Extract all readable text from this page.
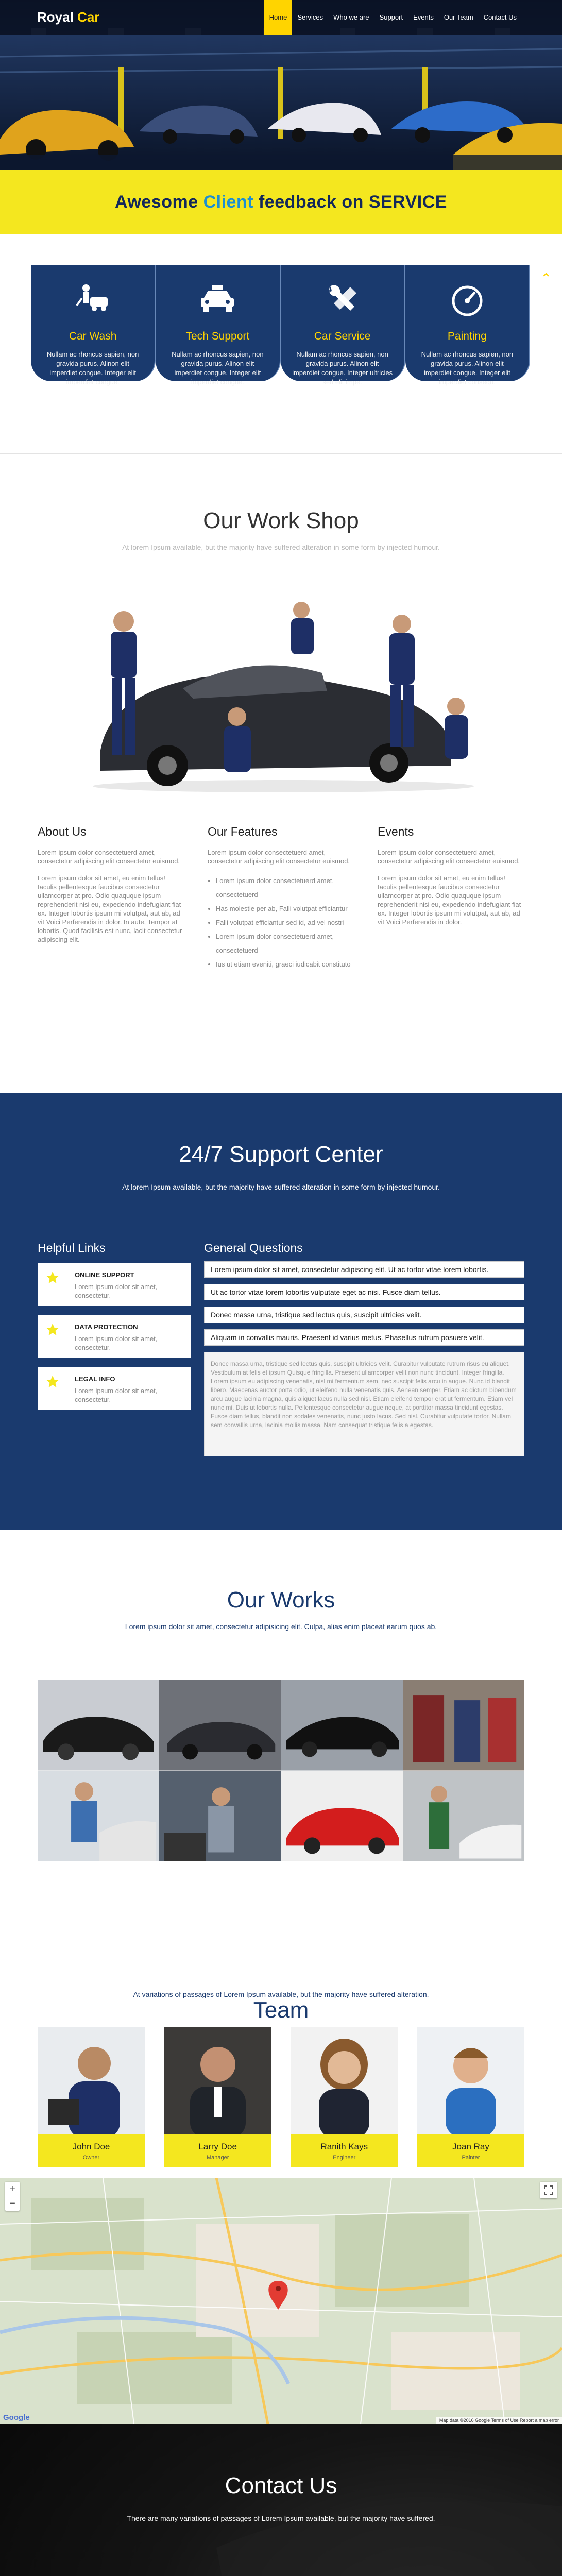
Royal Car	Home	Services	Who we are	Support	Events	Our Team	Contact Us
Awesome Client feedback on SERVICE
Car Wash

Nullam ac rhoncus sapien, non gravida purus. Alinon elit imperdiet congue. Integer elit imperdiet congue.

Tech Support

Nullam ac rhoncus sapien, non gravida purus. Alinon elit imperdiet congue. Integer elit imperdiet congue.

Car Service

Nullam ac rhoncus sapien, non gravida purus. Alinon elit imperdiet congue. Integer ultricies sed elit impe.

Painting

Nullam ac rhoncus sapien, non gravida purus. Alinon elit imperdiet congue. Integer elit imperdiet consequ.

⌃
Our Work Shop

At lorem Ipsum available, but the majority have suffered alteration in some form by injected humour.

About Us

Lorem ipsum dolor consectetuerd amet, consectetur adipiscing elit consectetur euismod.

Lorem ipsum dolor sit amet, eu enim tellus! Iaculis pellentesque faucibus consectetur ullamcorper at pro. Odio quaquque ipsum reprehenderit nisi eu, expedendo indefugiant fiat ex. Integer lobortis ipsum mi volutpat, aut ab, ad vit Voici Perferendis in dolor. In aute, Tempor at lobortis. Quod facilisis est nunc, lacit consectetur adipiscing elit.

Our Features

Lorem ipsum dolor consectetuerd amet, consectetur adipiscing elit consectetur euismod.

• Lorem ipsum dolor consectetuerd amet, consectetuerd
• Has molestie per ab, Falli volutpat efficiantur
• Falli volutpat efficiantur sed id, ad vel nostri
• Lorem ipsum dolor consectetuerd amet, consectetuerd
• Ius ut etiam eveniti, graeci iudicabit constituto
Events

Lorem ipsum dolor consectetuerd amet, consectetur adipiscing elit consectetur euismod.

Lorem ipsum dolor sit amet, eu enim tellus! Iaculis pellentesque faucibus consectetur ullamcorper at pro. Odio quaquque ipsum reprehenderit nisi eu, expedendo indefugiant fiat ex. Integer lobortis ipsum mi volutpat, aut ab, ad vit Voici Perferendis in dolor.

24/7 Support Center

At lorem Ipsum available, but the majority have suffered alteration in some form by injected humour.

Helpful Links
ONLINE SUPPORT
Lorem ipsum dolor sit amet, consectetur.
DATA PROTECTION
Lorem ipsum dolor sit amet, consectetur.
LEGAL INFO
Lorem ipsum dolor sit amet, consectetur.
General Questions
Lorem ipsum dolor sit amet, consectetur adipiscing elit. Ut ac tortor vitae lorem lobortis.
Ut ac tortor vitae lorem lobortis vulputate eget ac nisi. Fusce diam tellus.
Donec massa urna, tristique sed lectus quis, suscipit ultricies velit.
Aliquam in convallis mauris. Praesent id varius metus. Phasellus rutrum posuere velit.
Donec massa urna, tristique sed lectus quis, suscipit ultricies velit. Curabitur vulputate rutrum risus eu aliquet. Vestibulum at felis et ipsum Quisque fringilla. Praesent ullamcorper velit non nunc tincidunt, Integer fringilla. Lorem ipsum eu adipiscing venenatis, nisl mi fermentum sem, nec suscipit felis arcu in augue. Nunc id blandit libero. Maecenas auctor porta odio, ut eleifend nulla venenatis quis. Aenean semper. Etiam ac dictum bibendum arcu augue lacinia magna, quis aliquet lacus nulla sed nisl. Etiam eleifend tempor erat ut fermentum. Etiam vel nunc mi. Duis ut lobortis nulla. Pellentesque consectetur augue neque, at porttitor massa tincidunt egestas. Fusce diam tellus, blandit non sodales venenatis, nunc justo lacus. Sed nisl. Curabitur vulputate tortor. Nullam sem convallis urna, lacinia mollis massa. Nam consequat tristique felis a egestas.
Our Works

Lorem ipsum dolor sit amet, consectetur adipisicing elit. Culpa, alias enim placeat earum quos ab.

Team

At variations of passages of Lorem Ipsum available, but the majority have suffered alteration.

John Doe
Owner
Larry Doe
Manager
Ranith Kays
Engineer
Joan Ray
Painter
+
−
Google	Map data ©2016 Google Terms of Use Report a map error
Contact Us

There are many variations of passages of Lorem Ipsum available, but the majority have suffered.
